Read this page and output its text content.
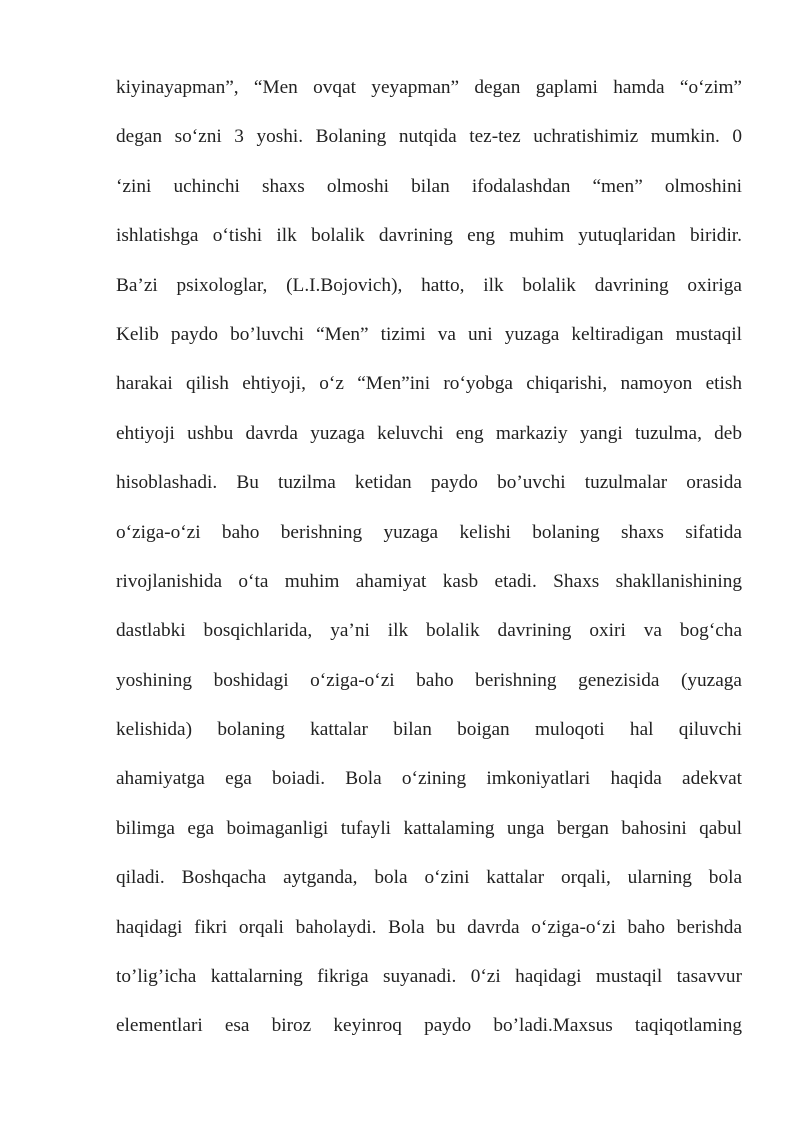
kiyinayapman”, “Men ovqat yeyapman” degan gaplami hamda “o‘zim”
degan so‘zni 3 yoshi. Bolaning nutqida tez-tez uchratishimiz mumkin. 0
‘zini uchinchi shaxs olmoshi bilan ifodalashdan “men” olmoshini
ishlatishga o‘tishi ilk bolalik davrining eng muhim yutuqlaridan biridir.
Ba’zi psixologlar, (L.I.Bojovich), hatto, ilk bolalik davrining oxiriga
Kelib paydo bo’luvchi “Men” tizimi va uni yuzaga keltiradigan mustaqil
harakai qilish ehtiyoji, o‘z “Men”ini ro‘yobga chiqarishi, namoyon etish
ehtiyoji ushbu davrda yuzaga keluvchi eng markaziy yangi tuzulma, deb
hisoblashadi. Bu tuzilma ketidan paydo bo’uvchi tuzulmalar orasida
o‘ziga-o‘zi baho berishning yuzaga kelishi bolaning shaxs sifatida
rivojlanishida o‘ta muhim ahamiyat kasb etadi. Shaxs shakllanishining
dastlabki bosqichlarida, ya’ni ilk bolalik davrining oxiri va bog‘cha
yoshining boshidagi o‘ziga-o‘zi baho berishning genezisida (yuzaga
kelishida) bolaning kattalar bilan boigan muloqoti hal qiluvchi
ahamiyatga ega boiadi. Bola o‘zining imkoniyatlari haqida adekvat
bilimga ega boimaganligi tufayli kattalaming unga bergan bahosini qabul
qiladi. Boshqacha aytganda, bola o‘zini kattalar orqali, ularning bola
haqidagi fikri orqali baholaydi. Bola bu davrda o‘ziga-o‘zi baho berishda
to’lig’icha kattalarning fikriga suyanadi. 0‘zi haqidagi mustaqil tasavvur
elementlari esa biroz keyinroq paydo bo’ladi.Maxsus taqiqotlaming
